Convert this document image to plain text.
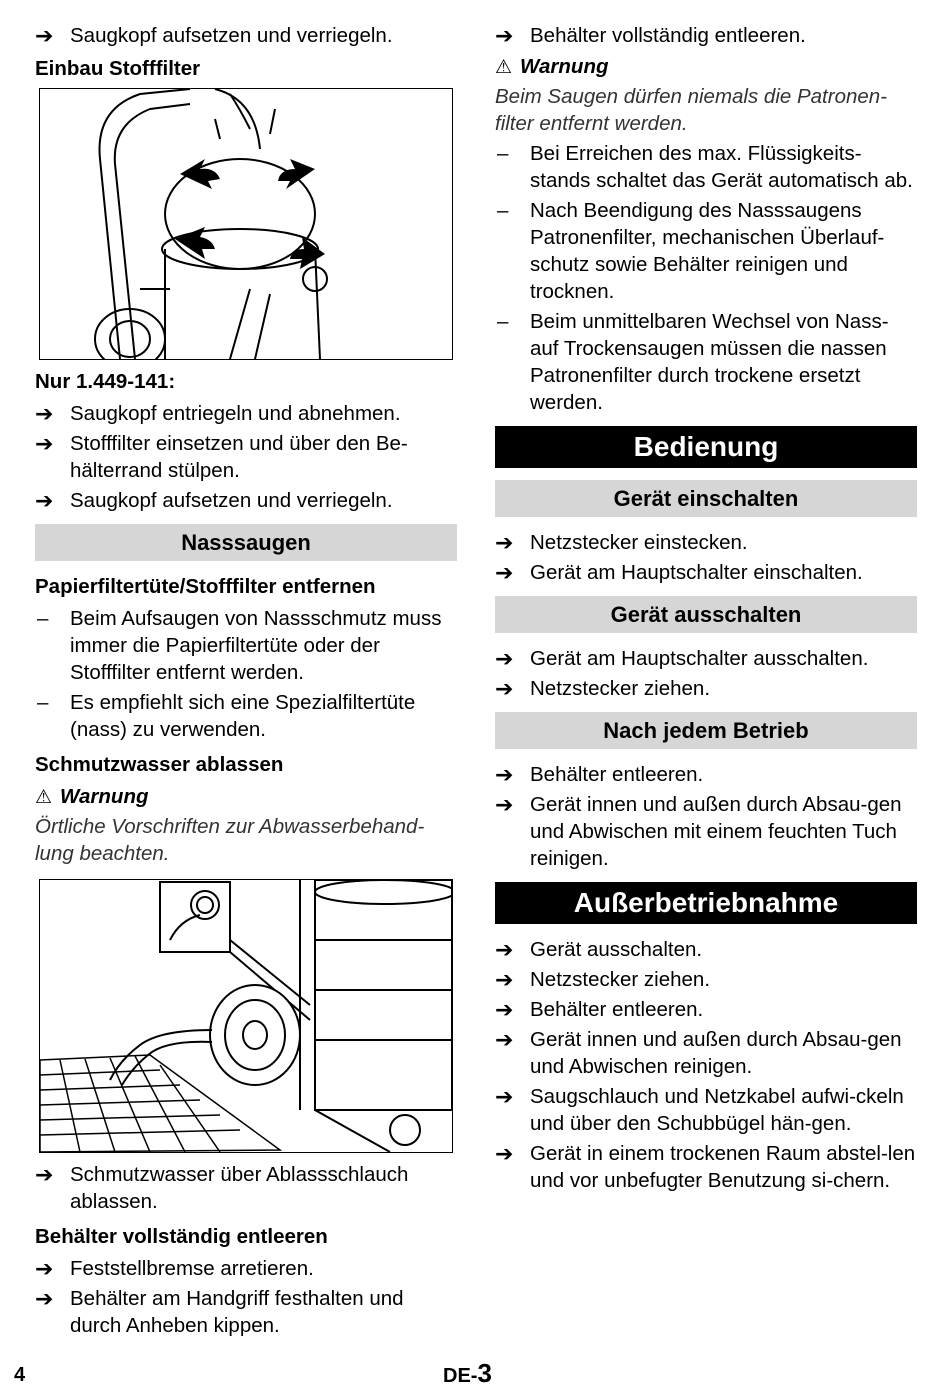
➔ Saugkopf aufsetzen und verriegeln.
Einbau Stofffilter
Nur 1.449-141:
➔ Saugkopf entriegeln und abnehmen.
➔ Stofffilter einsetzen und über den Be-hälterrand stülpen.
➔ Saugkopf aufsetzen und verriegeln.
Nasssaugen
Papierfiltertüte/Stofffilter entfernen
– Beim Aufsaugen von Nassschmutz muss immer die Papierfiltertüte oder der Stofffilter entfernt werden.
– Es empfiehlt sich eine Spezialfiltertüte (nass) zu verwenden.
Schmutzwasser ablassen
⚠ Warnung
Örtliche Vorschriften zur Abwasserbehand-lung beachten.
➔ Schmutzwasser über Ablassschlauch ablassen.
Behälter vollständig entleeren
➔ Feststellbremse arretieren.
➔ Behälter am Handgriff festhalten und durch Anheben kippen.
➔ Behälter vollständig entleeren.
⚠ Warnung
Beim Saugen dürfen niemals die Patronen-filter entfernt werden.
– Bei Erreichen des max. Flüssigkeits-stands schaltet das Gerät automatisch ab.
– Nach Beendigung des Nasssaugens Patronenfilter, mechanischen Überlauf-schutz sowie Behälter reinigen und trocknen.
– Beim unmittelbaren Wechsel von Nass- auf Trockensaugen müssen die nassen Patronenfilter durch trockene ersetzt werden.
Bedienung
Gerät einschalten
➔ Netzstecker einstecken.
➔ Gerät am Hauptschalter einschalten.
Gerät ausschalten
➔ Gerät am Hauptschalter ausschalten.
➔ Netzstecker ziehen.
Nach jedem Betrieb
➔ Behälter entleeren.
➔ Gerät innen und außen durch Absau-gen und Abwischen mit einem feuchten Tuch reinigen.
Außerbetriebnahme
➔ Gerät ausschalten.
➔ Netzstecker ziehen.
➔ Behälter entleeren.
➔ Gerät innen und außen durch Absau-gen und Abwischen reinigen.
➔ Saugschlauch und Netzkabel aufwi-ckeln und über den Schubbügel hän-gen.
➔ Gerät in einem trockenen Raum abstel-len und vor unbefugter Benutzung si-chern.
4	DE-3
